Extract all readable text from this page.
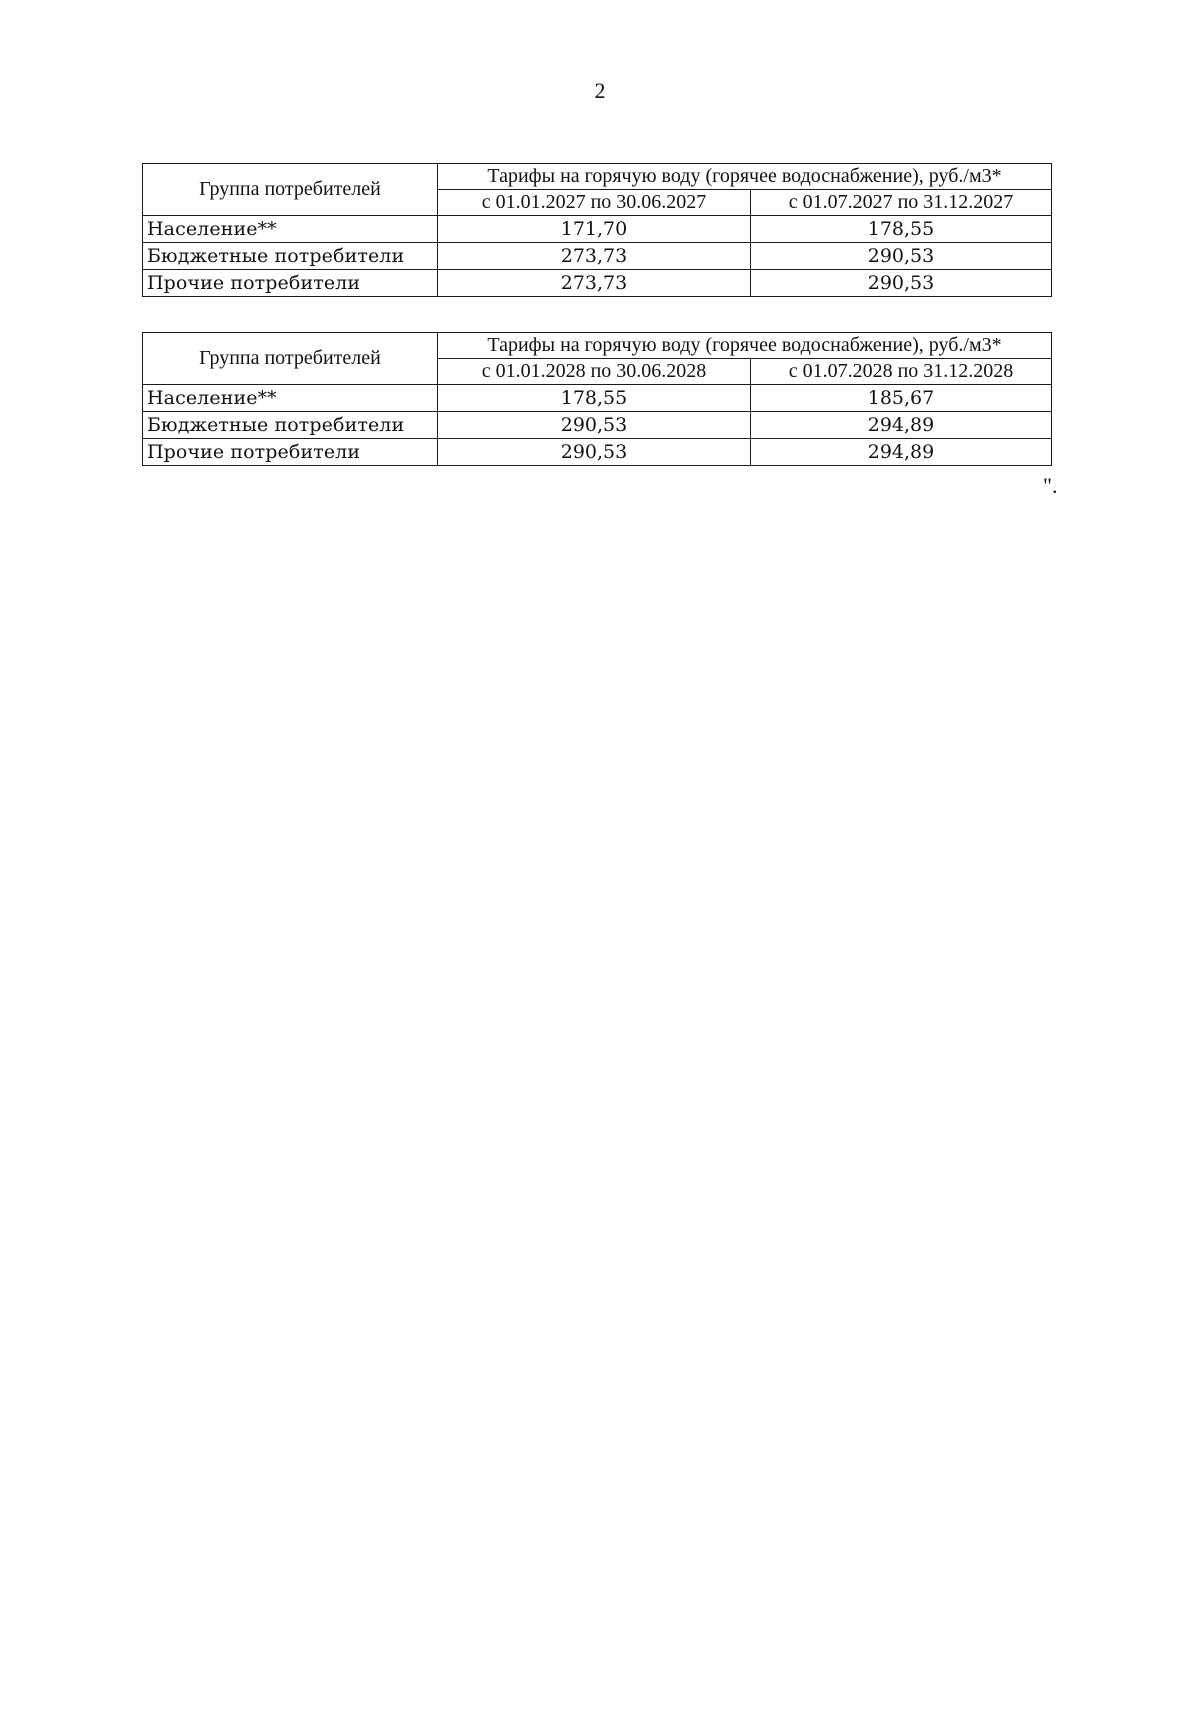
2
Группа потребителей	Тарифы на горячую воду (горячее водоснабжение), руб./м3*	
	с 01.01.2027 по 30.06.2027	с 01.07.2027 по 31.12.2027
Население**	171,70	178,55
Бюджетные потребители	273,73	290,53
Прочие потребители	273,73	290,53
Группа потребителей	Тарифы на горячую воду (горячее водоснабжение), руб./м3*	
	с 01.01.2028 по 30.06.2028	с 01.07.2028 по 31.12.2028
Население**	178,55	185,67
Бюджетные потребители	290,53	294,89
Прочие потребители	290,53	294,89
".
